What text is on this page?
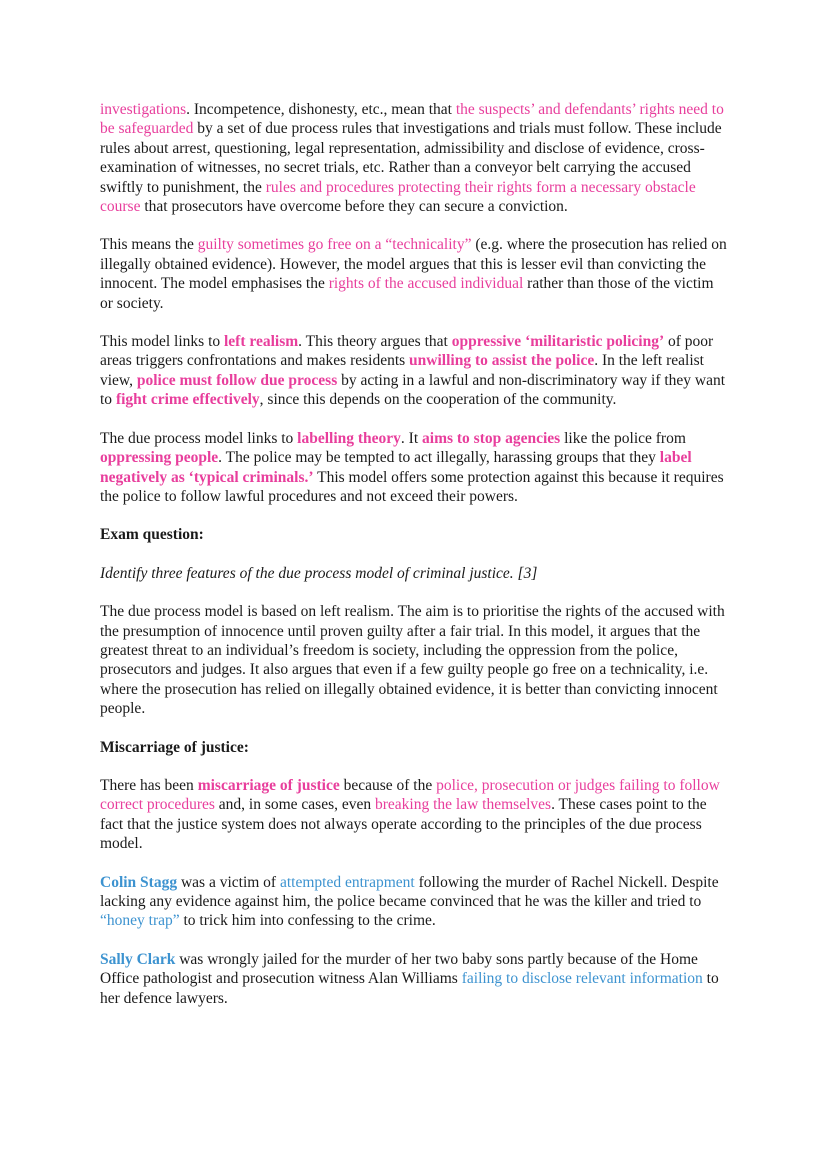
investigations. Incompetence, dishonesty, etc., mean that the suspects’ and defendants’ rights need to be safeguarded by a set of due process rules that investigations and trials must follow. These include rules about arrest, questioning, legal representation, admissibility and disclose of evidence, cross-examination of witnesses, no secret trials, etc. Rather than a conveyor belt carrying the accused swiftly to punishment, the rules and procedures protecting their rights form a necessary obstacle course that prosecutors have overcome before they can secure a conviction.

This means the guilty sometimes go free on a “technicality” (e.g. where the prosecution has relied on illegally obtained evidence). However, the model argues that this is lesser evil than convicting the innocent. The model emphasises the rights of the accused individual rather than those of the victim or society.

This model links to left realism. This theory argues that oppressive ‘militaristic policing’ of poor areas triggers confrontations and makes residents unwilling to assist the police. In the left realist view, police must follow due process by acting in a lawful and non-discriminatory way if they want to fight crime effectively, since this depends on the cooperation of the community.

The due process model links to labelling theory. It aims to stop agencies like the police from oppressing people. The police may be tempted to act illegally, harassing groups that they label negatively as ‘typical criminals.’ This model offers some protection against this because it requires the police to follow lawful procedures and not exceed their powers.

Exam question:

Identify three features of the due process model of criminal justice. [3]

The due process model is based on left realism. The aim is to prioritise the rights of the accused with the presumption of innocence until proven guilty after a fair trial. In this model, it argues that the greatest threat to an individual’s freedom is society, including the oppression from the police, prosecutors and judges. It also argues that even if a few guilty people go free on a technicality, i.e. where the prosecution has relied on illegally obtained evidence, it is better than convicting innocent people.

Miscarriage of justice:

There has been miscarriage of justice because of the police, prosecution or judges failing to follow correct procedures and, in some cases, even breaking the law themselves. These cases point to the fact that the justice system does not always operate according to the principles of the due process model.

Colin Stagg was a victim of attempted entrapment following the murder of Rachel Nickell. Despite lacking any evidence against him, the police became convinced that he was the killer and tried to “honey trap” to trick him into confessing to the crime.

Sally Clark was wrongly jailed for the murder of her two baby sons partly because of the Home Office pathologist and prosecution witness Alan Williams failing to disclose relevant information to her defence lawyers.
